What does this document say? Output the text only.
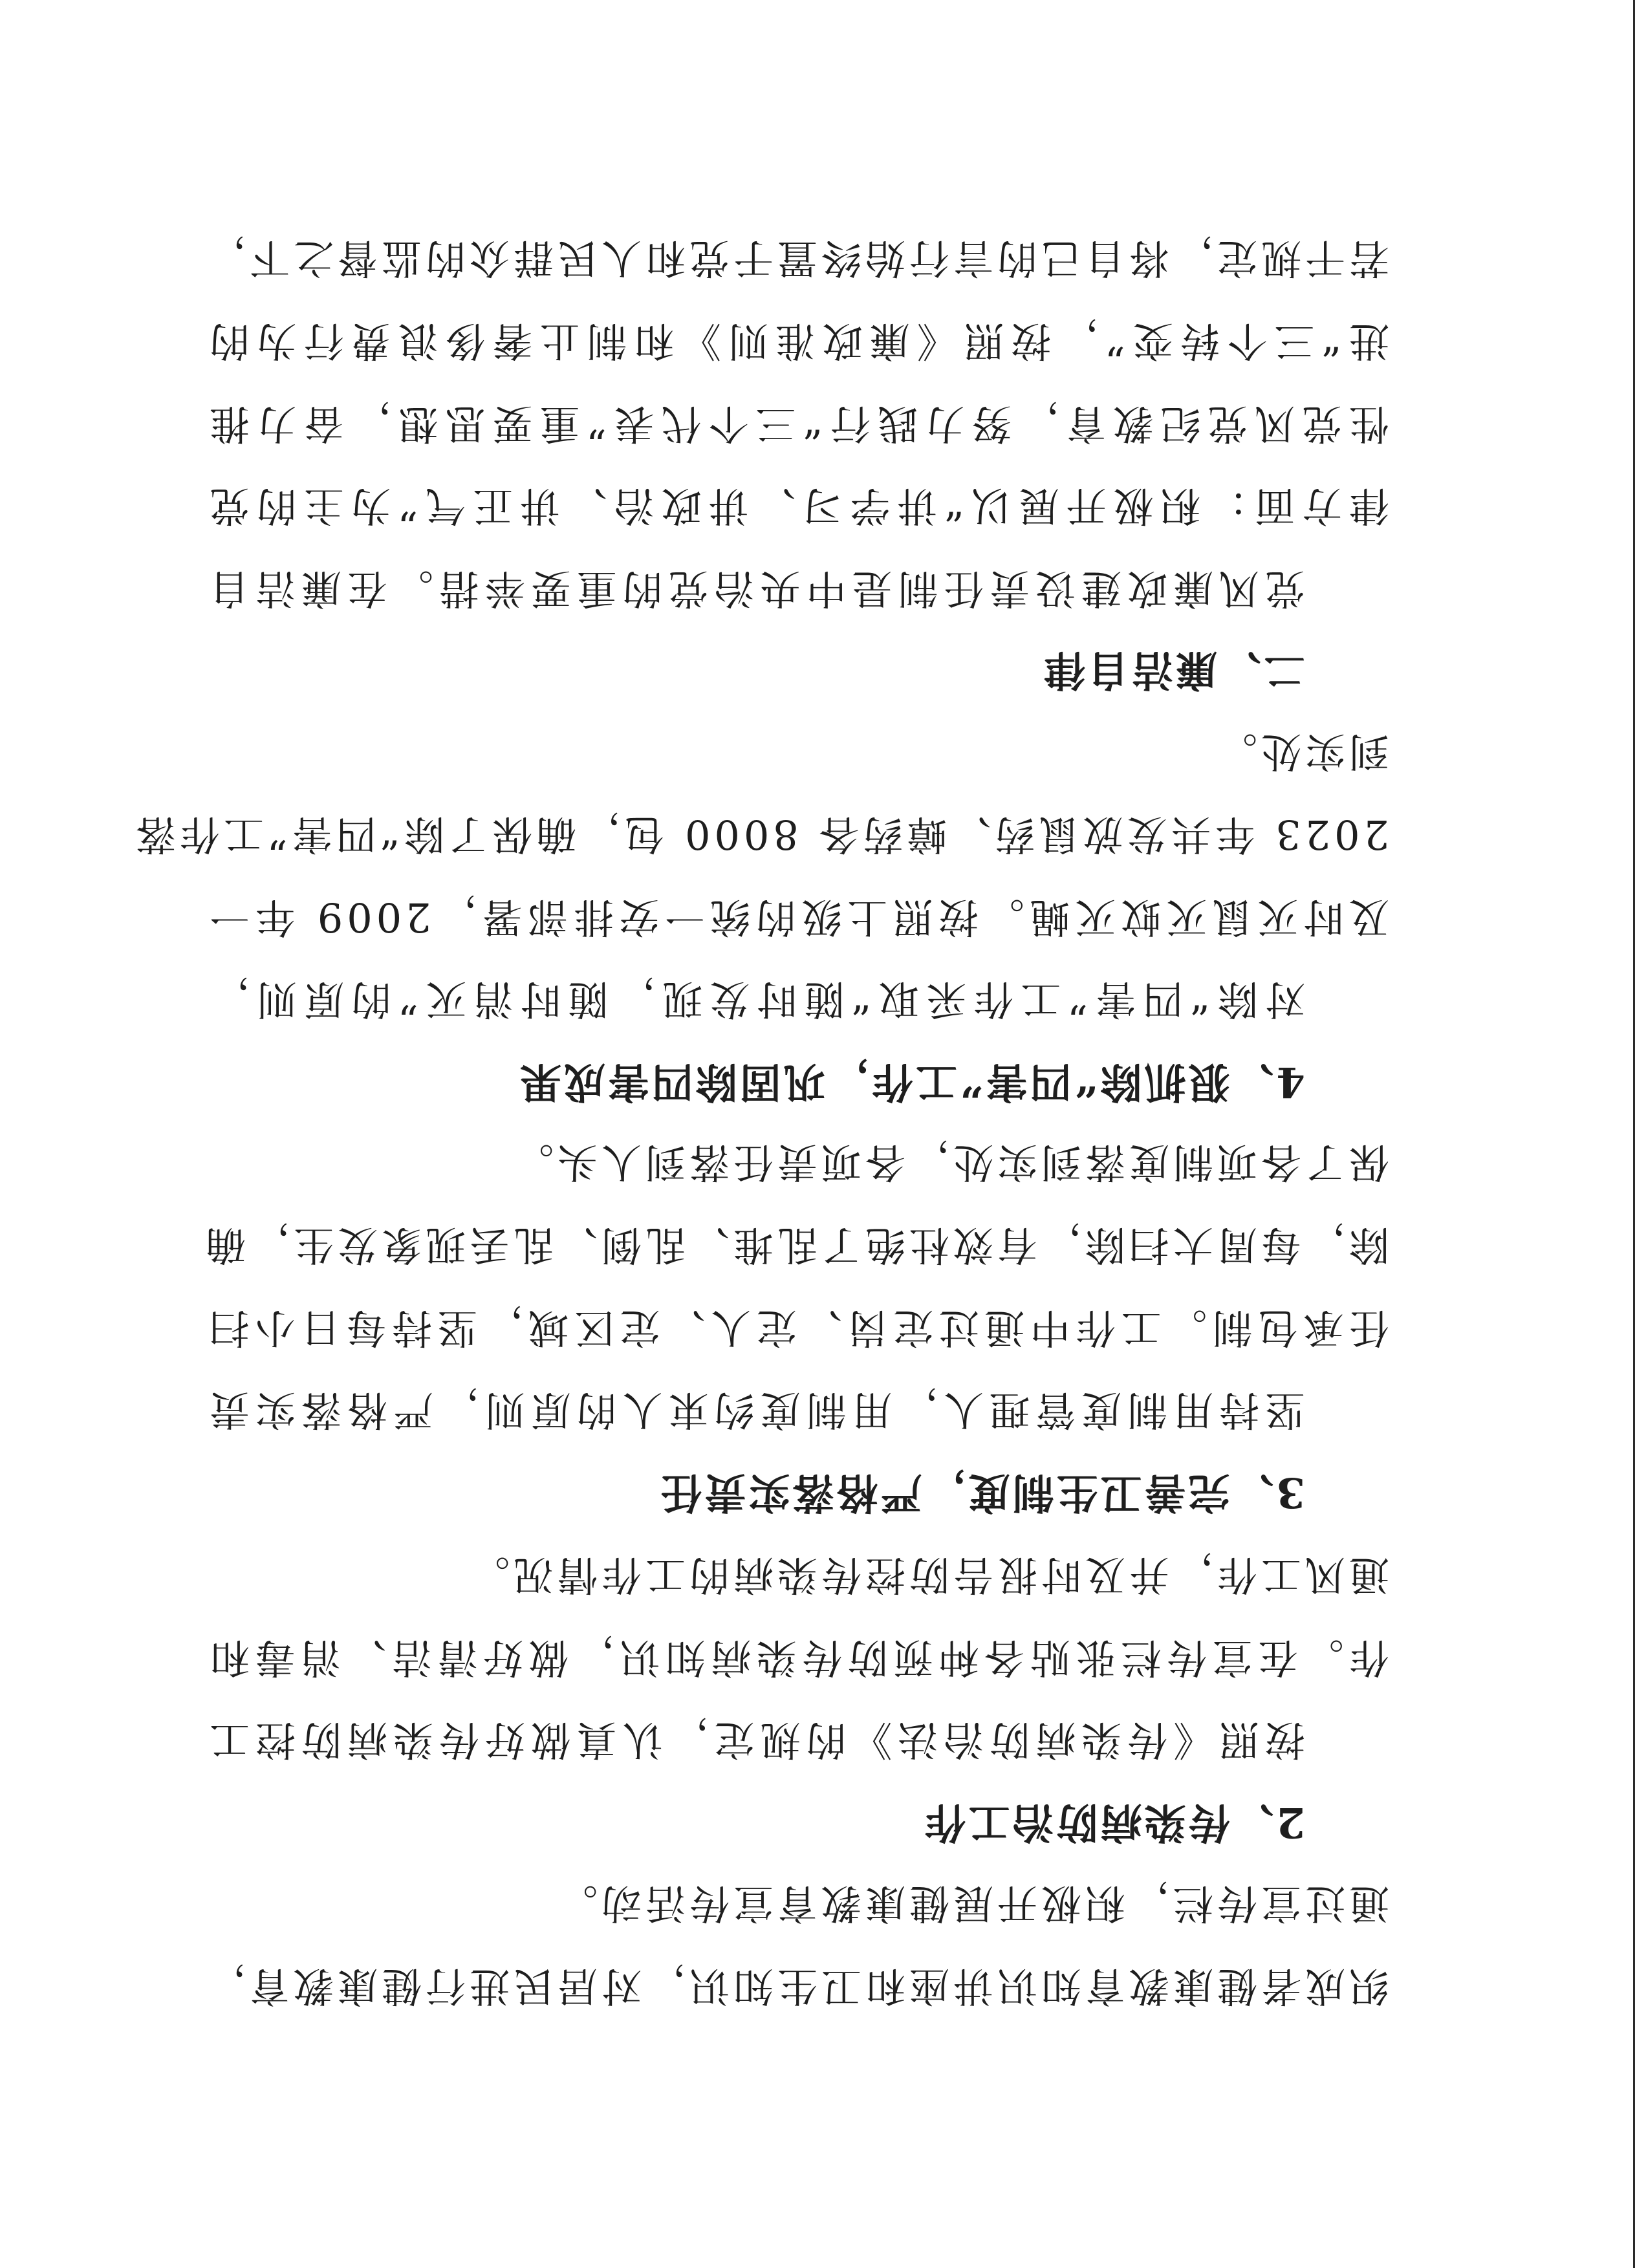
织成者健康教育知识讲座和卫生知识，对居民进行健康教育，
通过宣传栏，积极开展健康教育宣传活动。
2、传染病防治工作
按照《传染病防治法》的规定，认真做好传染病防控工
作。在宣传栏张贴各种预防传染病知识，做好清洁、消毒和
通风工作，并及时报告防控传染病的工作情况。
3、完善卫生制度，严格落实责任
坚持用制度管理人，用制度约束人的原则，严格落实责
任承包制。工作中通过定岗、定人、定区域，坚持每日小扫
除，每周大扫除，有效杜绝了乱堆、乱倒、乱丢现象发生，确
保了各项制度落到实处，各项责任落到人头。
4、狠抓除“四害”工作，巩固除四害成果
对除“四害”工作采取“随时发现，随时消灭”的原则，
及时灭鼠灭蚊灭蝇。按照上级的统一安排部署，2009 年一
2023 年共发放鼠药、蟑药各 8000 包，确保了除“四害”工作落
到实处。
二、廉洁自律
党风廉政建设责任制是中央治党的重要举措。在廉洁自
律方面：积极开展以“讲学习、讲政治、讲正气”为主的党
性党风党纪教育，努力践行“三个代表”重要思想，奋力推
进“三个转变”，按照《廉政准则》和制止奢侈浪费行为的
若干规定，将自己的言行始终置于党和人民群众的监督之下，
